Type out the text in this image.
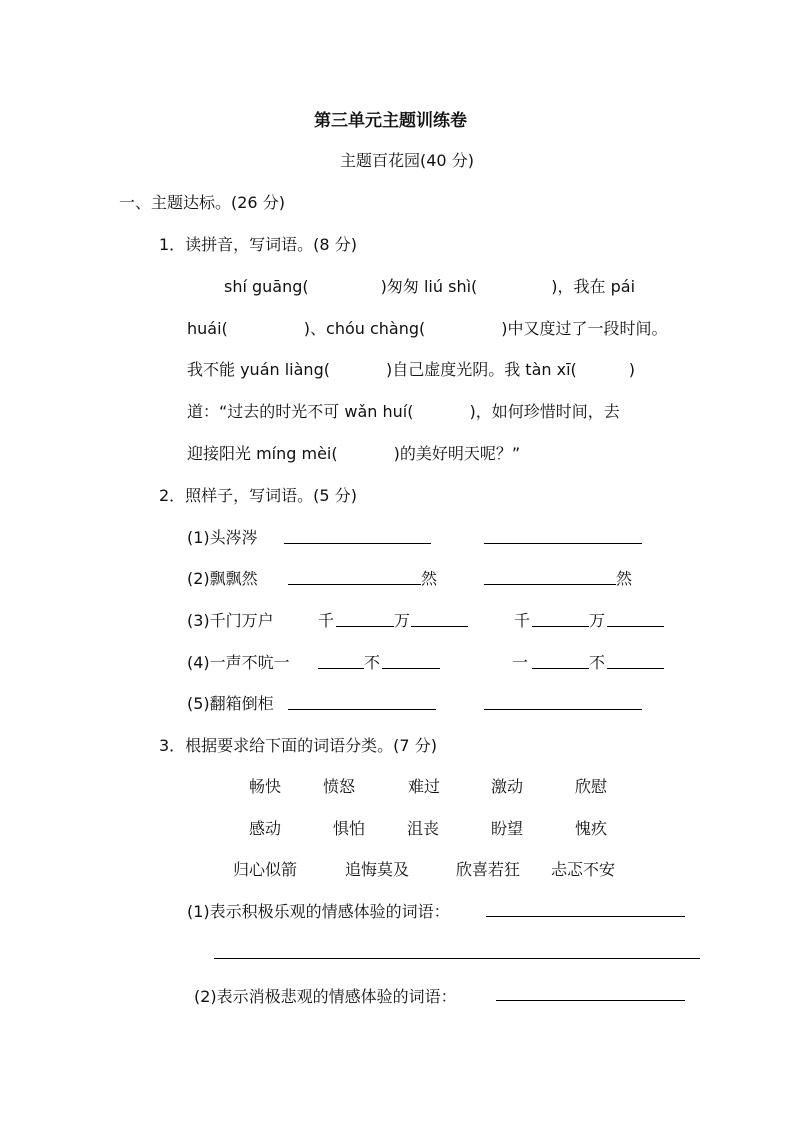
第三单元主题训练卷
主题百花园(40 分)
一、主题达标。(26 分)
1．读拼音，写词语。(8 分)
shí guāng(	)匆匆 liú shì(	)，我在 pái
huái(	)、chóu chàng(	)中又度过了一段时间。
我不能 yuán liàng(	)自己虚度光阴。我 tàn xī(	)
道：“过去的时光不可 wǎn huí(	)，如何珍惜时间，去
迎接阳光 míng mèi(	)的美好明天呢？”
2．照样子，写词语。(5 分)
(1)头涔涔
(2)飘飘然	然	然
(3)千门万户	千	万	千	万
(4)一声不吭一	不	一	不
(5)翻箱倒柜
3．根据要求给下面的词语分类。(7 分)
畅快	愤怒	难过	激动	欣慰
感动	惧怕	沮丧	盼望	愧疚
归心似箭	追悔莫及	欣喜若狂 忐忑不安
(1)表示积极乐观的情感体验的词语：
(2)表示消极悲观的情感体验的词语：
